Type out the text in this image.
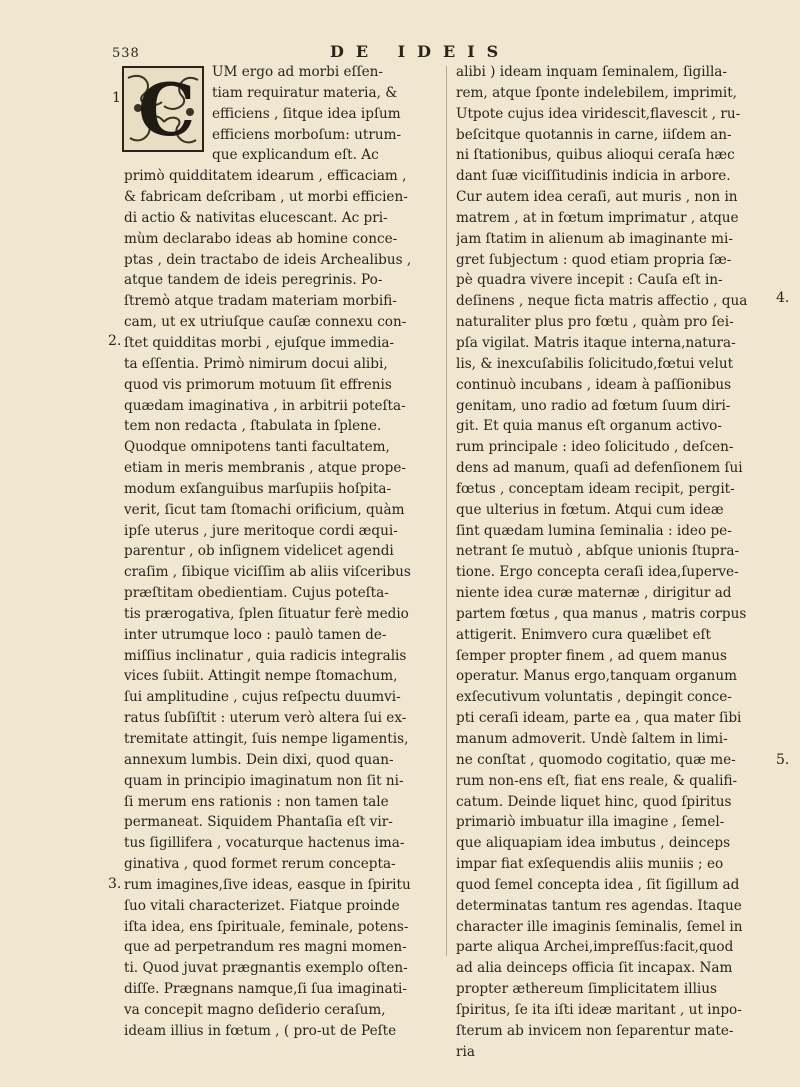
538	DE IDEIS
C
1.
2.
3.
4.
5.
UM ergo ad morbi eſſen-
tiam requiratur materia, &
efficiens , ſitque idea ipſum
efficiens morboſum: utrum-
que explicandum eſt. Ac
primò quidditatem idearum , efficaciam ,
& fabricam deſcribam , ut morbi efficien-
di actio & nativitas elucescant. Ac pri-
mùm declarabo ideas ab homine conce-
ptas , dein tractabo de ideis Archealibus ,
atque tandem de ideis peregrinis. Po-
ſtremò atque tradam materiam morbifi-
cam, ut ex utriuſque cauſæ connexu con-
ſtet quidditas morbi , ejuſque immedia-
ta eſſentia. Primò nimirum docui alibi,
quod vis primorum motuum ſit effrenis
quædam imaginativa , in arbitrii poteſta-
tem non redacta , ſtabulata in ſplene.
Quodque omnipotens tanti facultatem,
etiam in meris membranis , atque prope-
modum exſanguibus marſupiis hoſpita-
verit, ſicut tam ſtomachi orificium, quàm
ipſe uterus , jure meritoque cordi æqui-
parentur , ob inſignem videlicet agendi
craſim , ſibique viciſſim ab aliis viſceribus
præſtitam obedientiam. Cujus poteſta-
tis prærogativa, ſplen ſituatur ferè medio
inter utrumque loco : paulò tamen de-
miſſius inclinatur , quia radicis integralis
vices ſubiit. Attingit nempe ſtomachum,
ſui amplitudine , cujus reſpectu duumvi-
ratus ſubſiſtit : uterum verò altera ſui ex-
tremitate attingit, ſuis nempe ligamentis,
annexum lumbis. Dein dixi, quod quan-
quam in principio imaginatum non ſit ni-
ſi merum ens rationis : non tamen tale
permaneat. Siquidem Phantaſia eſt vir-
tus ſigillifera , vocaturque hactenus ima-
ginativa , quod formet rerum concepta-
rum imagines,ſive ideas, easque in ſpiritu
ſuo vitali characterizet. Fiatque proinde
iſta idea, ens ſpirituale, feminale, potens-
que ad perpetrandum res magni momen-
ti. Quod juvat prægnantis exemplo oſten-
diſſe. Prægnans namque,ſi ſua imaginati-
va concepit magno deſiderio ceraſum,
ideam illius in fœtum , ( pro-ut de Peſte
alibi ) ideam inquam ſeminalem, ſigilla-
rem, atque ſponte indelebilem, imprimit,
Utpote cujus idea viridescit,flavescit , ru-
beſcitque quotannis in carne, iiſdem an-
ni ſtationibus, quibus alioqui ceraſa hæc
dant ſuæ viciſſitudinis indicia in arbore.
Cur autem idea ceraſi, aut muris , non in
matrem , at in fœtum imprimatur , atque
jam ſtatim in alienum ab imaginante mi-
gret ſubjectum : quod etiam propria ſæ-
pè quadra vivere incepit : Cauſa eſt in-
deſinens , neque ficta matris affectio , qua
naturaliter plus pro fœtu , quàm pro ſei-
pſa vigilat. Matris itaque interna,natura-
lis, & inexcuſabilis ſolicitudo,fœtui velut
continuò incubans , ideam à paſſionibus
genitam, uno radio ad fœtum ſuum diri-
git. Et quia manus eſt organum activo-
rum principale : ideo ſolicitudo , deſcen-
dens ad manum, quaſi ad defenſionem ſui
fœtus , conceptam ideam recipit, pergit-
que ulterius in fœtum. Atqui cum ideæ
ſint quædam lumina ſeminalia : ideo pe-
netrant ſe mutuò , abſque unionis ſtupra-
tione. Ergo concepta ceraſi idea,ſuperve-
niente idea curæ maternæ , dirigitur ad
partem fœtus , qua manus , matris corpus
attigerit. Enimvero cura quælibet eſt
ſemper propter finem , ad quem manus
operatur. Manus ergo,tanquam organum
exſecutivum voluntatis , depingit conce-
pti ceraſi ideam, parte ea , qua mater ſibi
manum admoverit. Undè ſaltem in limi-
ne conſtat , quomodo cogitatio, quæ me-
rum non-ens eſt, fiat ens reale, & qualifi-
catum. Deinde liquet hinc, quod ſpiritus
primariò imbuatur illa imagine , ſemel-
que aliquapiam idea imbutus , deinceps
impar fiat exſequendis aliis muniis ; eo
quod ſemel concepta idea , ſit ſigillum ad
determinatas tantum res agendas. Itaque
character ille imaginis ſeminalis, ſemel in
parte aliqua Archei,impreſſus:facit,quod
ad alia deinceps officia ſit incapax. Nam
propter æthereum ſimplicitatem illius
ſpiritus, ſe ita iſti ideæ maritant , ut inpo-
ſterum ab invicem non ſeparentur mate-
ria
